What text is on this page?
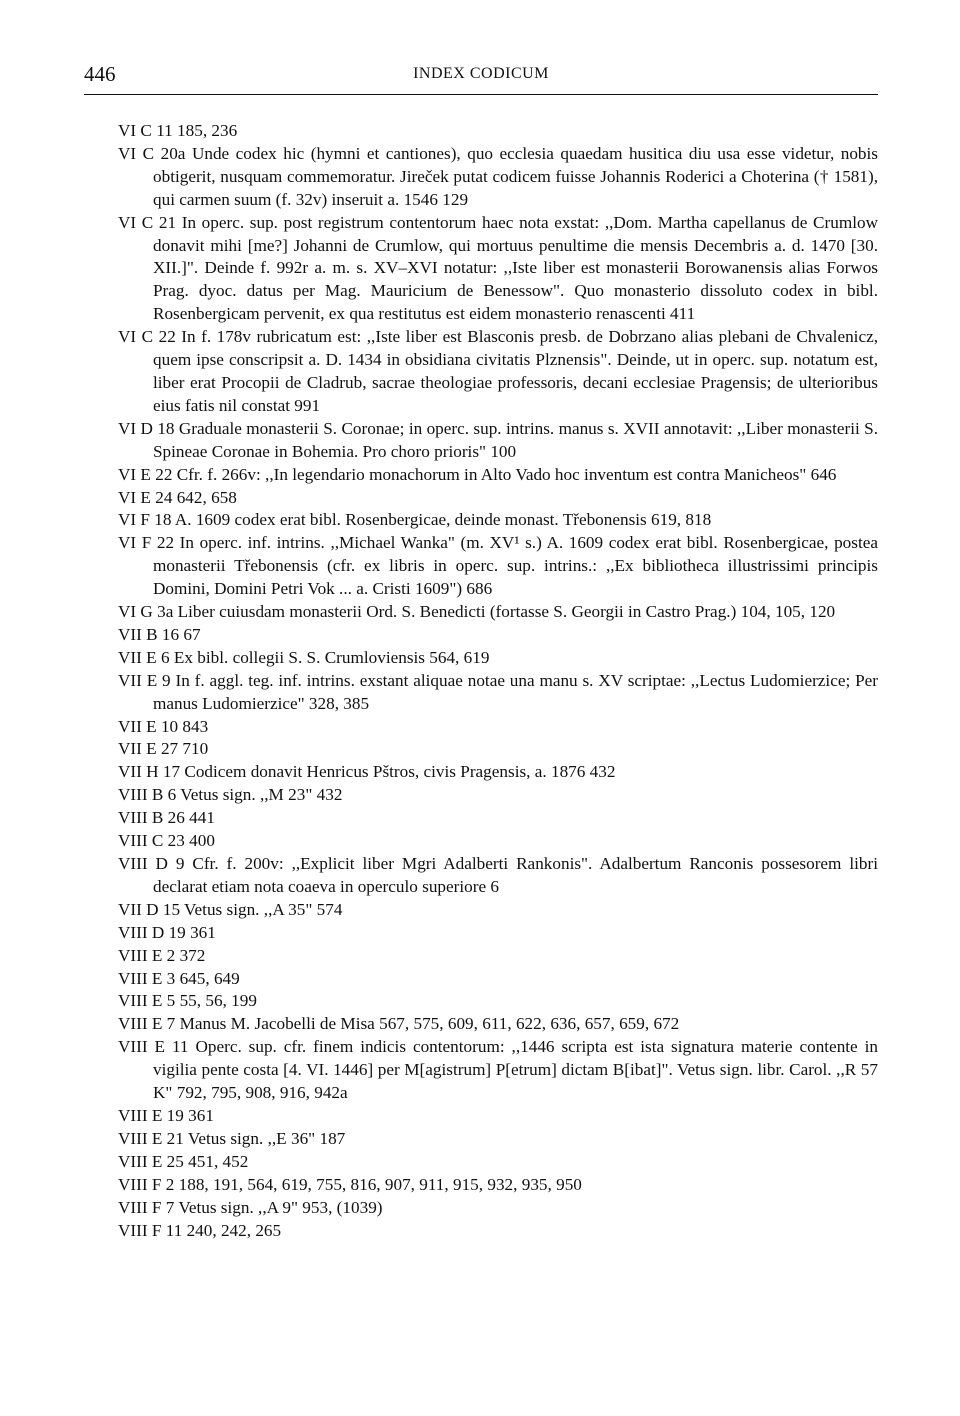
446	INDEX CODICUM
VI C 11 185, 236
VI C 20a Unde codex hic (hymni et cantiones), quo ecclesia quaedam husitica diu usa esse videtur, nobis obtigerit, nusquam commemoratur. Jireček putat codicem fuisse Johannis Roderici a Choterina († 1581), qui carmen suum (f. 32v) inseruit a. 1546 129
VI C 21 In operc. sup. post registrum contentorum haec nota exstat: ,,Dom. Martha capellanus de Crumlow donavit mihi [me?] Johanni de Crumlow, qui mortuus penultime die mensis Decembris a. d. 1470 [30. XII.]". Deinde f. 992r a. m. s. XV–XVI notatur: ,,Iste liber est monasterii Borowanensis alias Forwos Prag. dyoc. datus per Mag. Mauricium de Benessow". Quo monasterio dissoluto codex in bibl. Rosenbergicam pervenit, ex qua restitutus est eidem monasterio renascenti 411
VI C 22 In f. 178v rubricatum est: ,,Iste liber est Blasconis presb. de Dobrzano alias plebani de Chvalenicz, quem ipse conscripsit a. D. 1434 in obsidiana civitatis Plznensis". Deinde, ut in operc. sup. notatum est, liber erat Procopii de Cladrub, sacrae theologiae professoris, decani ecclesiae Pragensis; de ulterioribus eius fatis nil constat 991
VI D 18 Graduale monasterii S. Coronae; in operc. sup. intrins. manus s. XVII annotavit: ,,Liber monasterii S. Spineae Coronae in Bohemia. Pro choro prioris" 100
VI E 22 Cfr. f. 266v: ,,In legendario monachorum in Alto Vado hoc inventum est contra Manicheos" 646
VI E 24 642, 658
VI F 18 A. 1609 codex erat bibl. Rosenbergicae, deinde monast. Třebonensis 619, 818
VI F 22 In operc. inf. intrins. ,,Michael Wanka" (m. XV¹ s.) A. 1609 codex erat bibl. Rosenbergicae, postea monasterii Třebonensis (cfr. ex libris in operc. sup. intrins.: ,,Ex bibliotheca illustrissimi principis Domini, Domini Petri Vok ... a. Cristi 1609") 686
VI G 3a Liber cuiusdam monasterii Ord. S. Benedicti (fortasse S. Georgii in Castro Prag.) 104, 105, 120
VII B 16 67
VII E 6 Ex bibl. collegii S. S. Crumloviensis 564, 619
VII E 9 In f. aggl. teg. inf. intrins. exstant aliquae notae una manu s. XV scriptae: ,,Lectus Ludomierzice; Per manus Ludomierzice" 328, 385
VII E 10 843
VII E 27 710
VII H 17 Codicem donavit Henricus Pštros, civis Pragensis, a. 1876 432
VIII B 6 Vetus sign. ,,M 23" 432
VIII B 26 441
VIII C 23 400
VIII D 9 Cfr. f. 200v: ,,Explicit liber Mgri Adalberti Rankonis". Adalbertum Ranconis possesorem libri declarat etiam nota coaeva in operculo superiore 6
VII D 15 Vetus sign. ,,A 35" 574
VIII D 19 361
VIII E 2 372
VIII E 3 645, 649
VIII E 5 55, 56, 199
VIII E 7 Manus M. Jacobelli de Misa 567, 575, 609, 611, 622, 636, 657, 659, 672
VIII E 11 Operc. sup. cfr. finem indicis contentorum: ,,1446 scripta est ista signatura materie contente in vigilia pente costa [4. VI. 1446] per M[agistrum] P[etrum] dictam B[ibat]". Vetus sign. libr. Carol. ,,R 57 K" 792, 795, 908, 916, 942a
VIII E 19 361
VIII E 21 Vetus sign. ,,E 36" 187
VIII E 25 451, 452
VIII F 2 188, 191, 564, 619, 755, 816, 907, 911, 915, 932, 935, 950
VIII F 7 Vetus sign. ,,A 9" 953, (1039)
VIII F 11 240, 242, 265
